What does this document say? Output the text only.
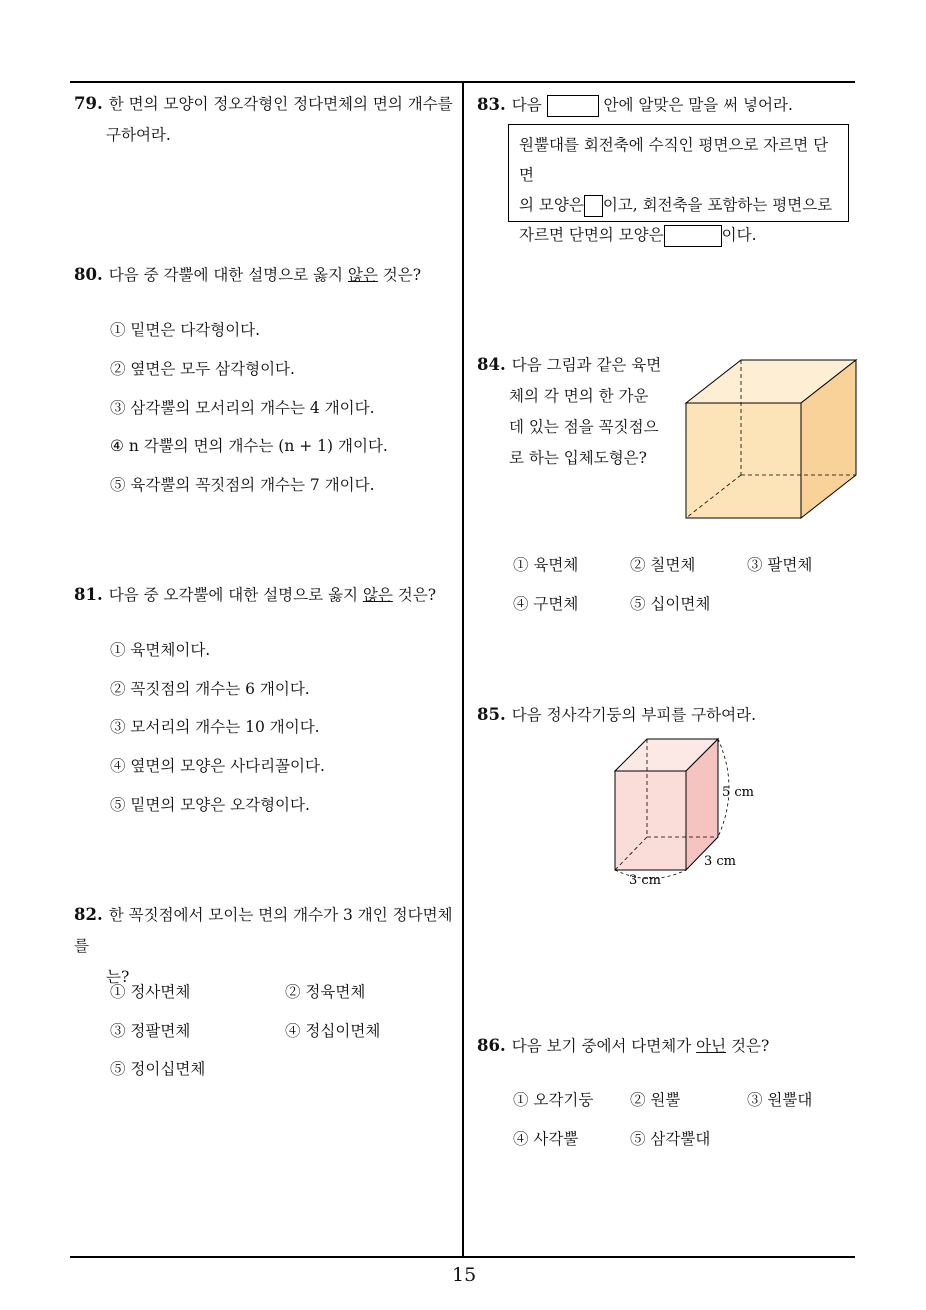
15
79. 한 면의 모양이 정오각형인 정다면체의 면의 개수를
구하여라.
80. 다음 중 각뿔에 대한 설명으로 옳지 않은 것은?
① 밑면은 다각형이다.
② 옆면은 모두 삼각형이다.
③ 삼각뿔의 모서리의 개수는 4 개이다.
④ n 각뿔의 면의 개수는 (n + 1) 개이다.
⑤ 육각뿔의 꼭짓점의 개수는 7 개이다.
81. 다음 중 오각뿔에 대한 설명으로 옳지 않은 것은?
① 육면체이다.
② 꼭짓점의 개수는 6 개이다.
③ 모서리의 개수는 10 개이다.
④ 옆면의 모양은 사다리꼴이다.
⑤ 밑면의 모양은 오각형이다.
82. 한 꼭짓점에서 모이는 면의 개수가 3 개인 정다면체를
는?
① 정사면체	② 정육면체
③ 정팔면체	④ 정십이면체
⑤ 정이십면체
83. 다음	안에 알맞은 말을 써 넣어라.
원뿔대를 회전축에 수직인 평면으로 자르면 단면
의 모양은 이고, 회전축을 포함하는 평면으로
자르면 단면의 모양은	이다.
84. 다음 그림과 같은 육면
체의 각 면의 한 가운
데 있는 점을 꼭짓점으
로 하는 입체도형은?
① 육면체	② 칠면체	③ 팔면체
④ 구면체	⑤ 십이면체
85. 다음 정사각기둥의 부피를 구하여라.
5 cm
3 cm
3 cm
86. 다음 보기 중에서 다면체가 아닌 것은?
① 오각기둥 ② 원뿔	③ 원뿔대
④ 사각뿔	⑤ 삼각뿔대
